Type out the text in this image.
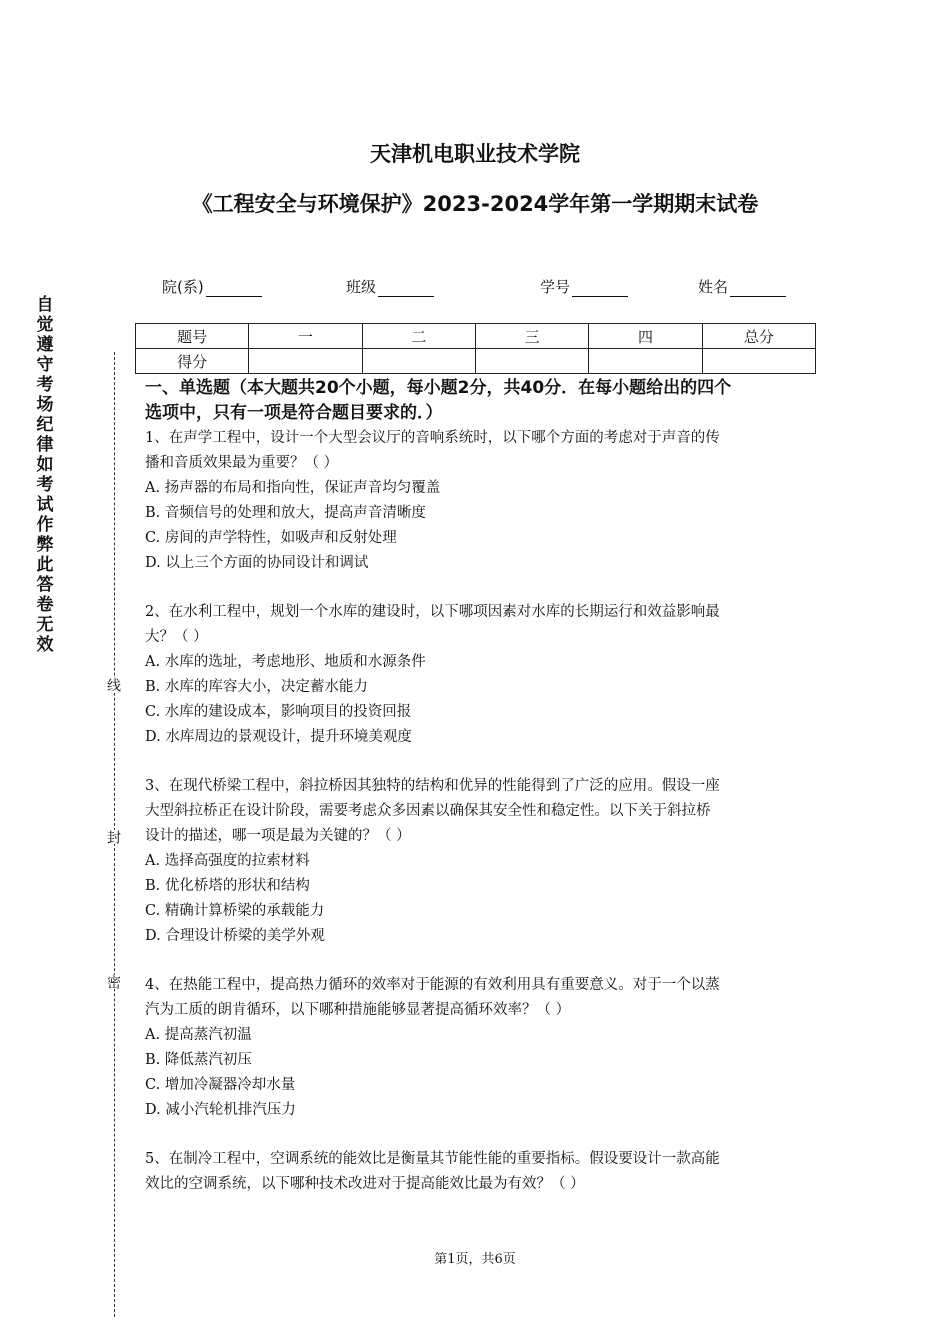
天津机电职业技术学院
《工程安全与环境保护》2023-2024学年第一学期期末试卷
院(系)	班级	学号	姓名
题号	一	二	三	四	总分
得分					
自觉遵守考场纪律如考试作弊此答卷无效
线
封
密
一、单选题（本大题共20个小题，每小题2分，共40分．在每小题给出的四个
选项中，只有一项是符合题目要求的．）
1、在声学工程中，设计一个大型会议厅的音响系统时，以下哪个方面的考虑对于声音的传
播和音质效果最为重要？（ ）
A. 扬声器的布局和指向性，保证声音均匀覆盖
B. 音频信号的处理和放大，提高声音清晰度
C. 房间的声学特性，如吸声和反射处理
D. 以上三个方面的协同设计和调试
2、在水利工程中，规划一个水库的建设时，以下哪项因素对水库的长期运行和效益影响最
大？（ ）
A. 水库的选址，考虑地形、地质和水源条件
B. 水库的库容大小，决定蓄水能力
C. 水库的建设成本，影响项目的投资回报
D. 水库周边的景观设计，提升环境美观度
3、在现代桥梁工程中，斜拉桥因其独特的结构和优异的性能得到了广泛的应用。假设一座
大型斜拉桥正在设计阶段，需要考虑众多因素以确保其安全性和稳定性。以下关于斜拉桥
设计的描述，哪一项是最为关键的？（ ）
A. 选择高强度的拉索材料
B. 优化桥塔的形状和结构
C. 精确计算桥梁的承载能力
D. 合理设计桥梁的美学外观
4、在热能工程中，提高热力循环的效率对于能源的有效利用具有重要意义。对于一个以蒸
汽为工质的朗肯循环，以下哪种措施能够显著提高循环效率？（ ）
A. 提高蒸汽初温
B. 降低蒸汽初压
C. 增加冷凝器冷却水量
D. 减小汽轮机排汽压力
5、在制冷工程中，空调系统的能效比是衡量其节能性能的重要指标。假设要设计一款高能
效比的空调系统，以下哪种技术改进对于提高能效比最为有效？（ ）
第1页，共6页
